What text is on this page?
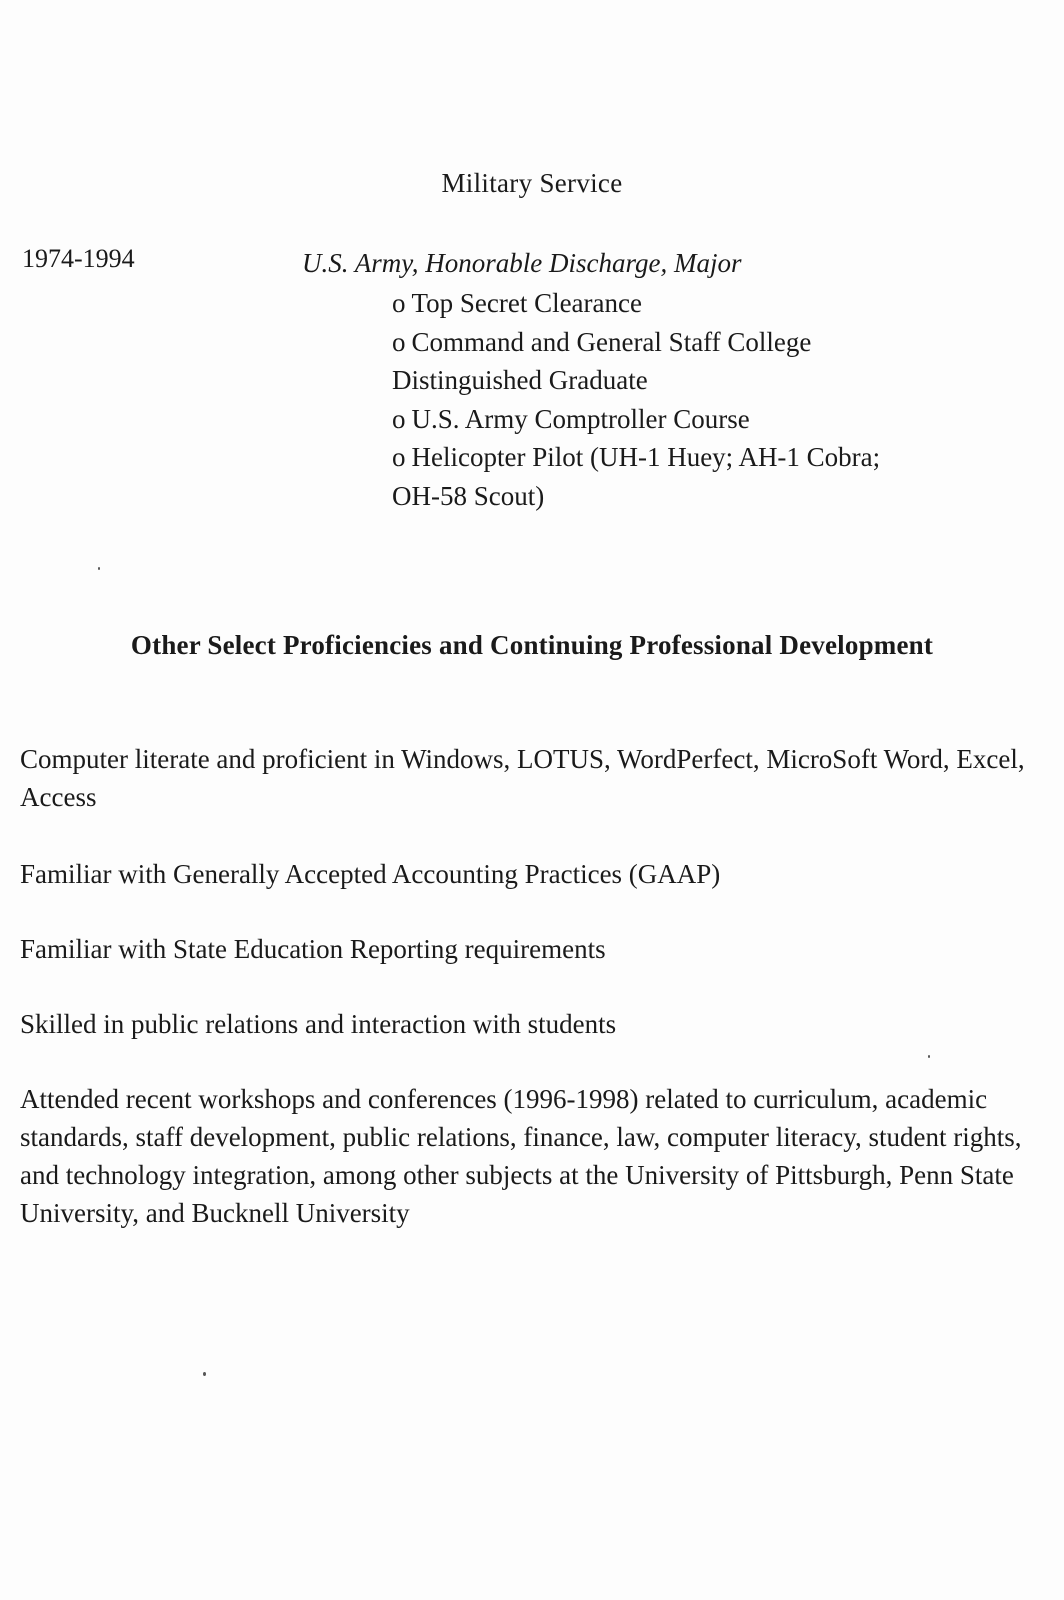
Military Service

1974-1994	U.S. Army, Honorable Discharge, Major

o Top Secret Clearance
o Command and General Staff College
Distinguished Graduate
o U.S. Army Comptroller Course
o Helicopter Pilot (UH-1 Huey; AH-1 Cobra;
OH-58 Scout)
Other Select Proficiencies and Continuing Professional Development

Computer literate and proficient in Windows, LOTUS, WordPerfect, MicroSoft Word, Excel, Access

Familiar with Generally Accepted Accounting Practices (GAAP)

Familiar with State Education Reporting requirements

Skilled in public relations and interaction with students

Attended recent workshops and conferences (1996-1998) related to curriculum, academic standards, staff development, public relations, finance, law, computer literacy, student rights, and technology integration, among other subjects at the University of Pittsburgh, Penn State University, and Bucknell University
